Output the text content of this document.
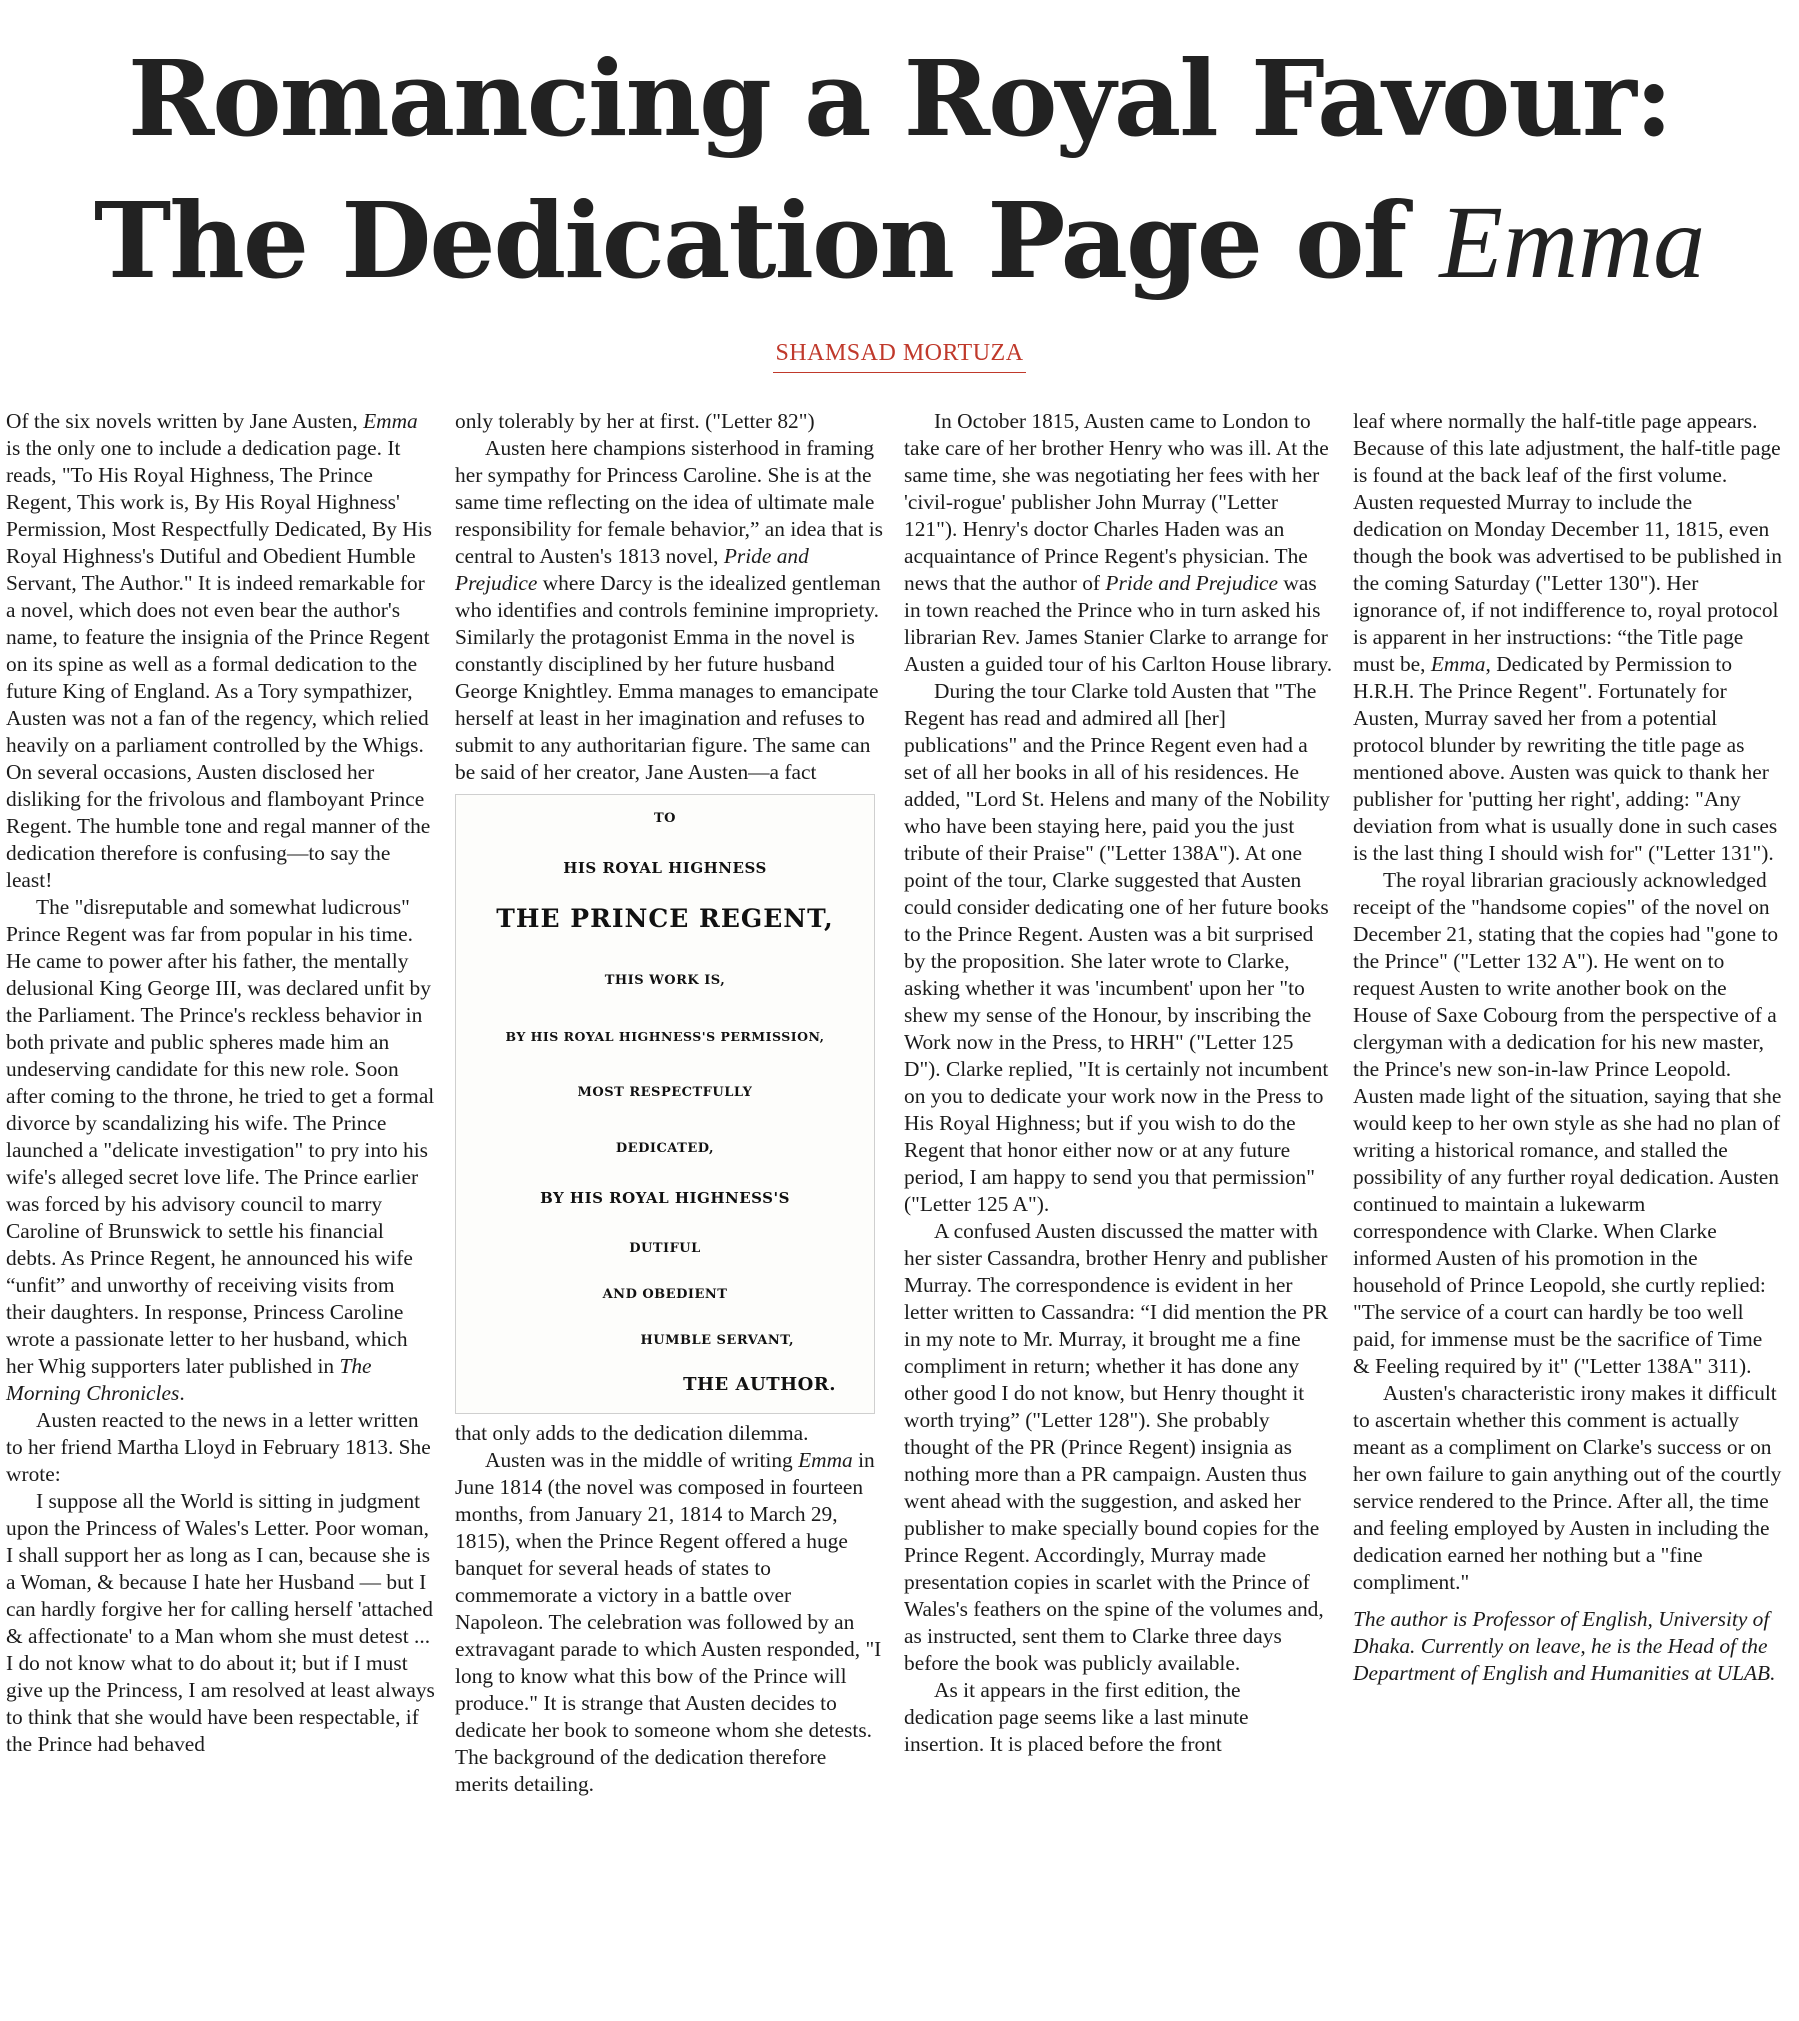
Romancing a Royal Favour:
The Dedication Page of Emma
SHAMSAD MORTUZA

Of the six novels written by Jane Austen, Emma is the only one to include a dedication page. It reads, "To His Royal Highness, The Prince Regent, This work is, By His Royal Highness' Permission, Most Respectfully Dedicated, By His Royal Highness's Dutiful and Obedient Humble Servant, The Author." It is indeed remarkable for a novel, which does not even bear the author's name, to feature the insignia of the Prince Regent on its spine as well as a formal dedication to the future King of England. As a Tory sympathizer, Austen was not a fan of the regency, which relied heavily on a parliament controlled by the Whigs. On several occasions, Austen disclosed her disliking for the frivolous and flamboyant Prince Regent. The humble tone and regal manner of the dedication therefore is confusing—to say the least!

The "disreputable and somewhat ludicrous" Prince Regent was far from popular in his time. He came to power after his father, the mentally delusional King George III, was declared unfit by the Parliament. The Prince's reckless behavior in both private and public spheres made him an undeserving candidate for this new role. Soon after coming to the throne, he tried to get a formal divorce by scandalizing his wife. The Prince launched a "delicate investigation" to pry into his wife's alleged secret love life. The Prince earlier was forced by his advisory council to marry Caroline of Brunswick to settle his financial debts. As Prince Regent, he announced his wife “unfit” and unworthy of receiving visits from their daughters. In response, Princess Caroline wrote a passionate letter to her husband, which her Whig supporters later published in The Morning Chronicles.

Austen reacted to the news in a letter written to her friend Martha Lloyd in February 1813. She wrote:

I suppose all the World is sitting in judgment upon the Princess of Wales's Letter. Poor woman, I shall support her as long as I can, because she is a Woman, & because I hate her Husband — but I can hardly forgive her for calling herself 'attached & affectionate' to a Man whom she must detest ... I do not know what to do about it; but if I must give up the Princess, I am resolved at least always to think that she would have been respectable, if the Prince had behaved

only tolerably by her at first. ("Letter 82")

Austen here champions sisterhood in framing her sympathy for Princess Caroline. She is at the same time reflecting on the idea of ultimate male responsibility for female behavior,” an idea that is central to Austen's 1813 novel, Pride and Prejudice where Darcy is the idealized gentleman who identifies and controls feminine impropriety. Similarly the protagonist Emma in the novel is constantly disciplined by her future husband George Knightley. Emma manages to emancipate herself at least in her imagination and refuses to submit to any authoritarian figure. The same can be said of her creator, Jane Austen—a fact

TO
HIS ROYAL HIGHNESS
THE PRINCE REGENT,
THIS WORK IS,
BY HIS ROYAL HIGHNESS'S PERMISSION,
MOST RESPECTFULLY
DEDICATED,
BY HIS ROYAL HIGHNESS'S
DUTIFUL
AND OBEDIENT
HUMBLE SERVANT,
THE AUTHOR.

that only adds to the dedication dilemma.

Austen was in the middle of writing Emma in June 1814 (the novel was composed in fourteen months, from January 21, 1814 to March 29, 1815), when the Prince Regent offered a huge banquet for several heads of states to commemorate a victory in a battle over Napoleon. The celebration was followed by an extravagant parade to which Austen responded, "I long to know what this bow of the Prince will produce." It is strange that Austen decides to dedicate her book to someone whom she detests. The background of the dedication therefore merits detailing.

In October 1815, Austen came to London to take care of her brother Henry who was ill. At the same time, she was negotiating her fees with her 'civil-rogue' publisher John Murray ("Letter 121"). Henry's doctor Charles Haden was an acquaintance of Prince Regent's physician. The news that the author of Pride and Prejudice was in town reached the Prince who in turn asked his librarian Rev. James Stanier Clarke to arrange for Austen a guided tour of his Carlton House library.

During the tour Clarke told Austen that "The Regent has read and admired all [her] publications" and the Prince Regent even had a set of all her books in all of his residences. He added, "Lord St. Helens and many of the Nobility who have been staying here, paid you the just tribute of their Praise" ("Letter 138A"). At one point of the tour, Clarke suggested that Austen could consider dedicating one of her future books to the Prince Regent. Austen was a bit surprised by the proposition. She later wrote to Clarke, asking whether it was 'incumbent' upon her "to shew my sense of the Honour, by inscribing the Work now in the Press, to HRH" ("Letter 125 D"). Clarke replied, "It is certainly not incumbent on you to dedicate your work now in the Press to His Royal Highness; but if you wish to do the Regent that honor either now or at any future period, I am happy to send you that permission" ("Letter 125 A").

A confused Austen discussed the matter with her sister Cassandra, brother Henry and publisher Murray. The correspondence is evident in her letter written to Cassandra: “I did mention the PR in my note to Mr. Murray, it brought me a fine compliment in return; whether it has done any other good I do not know, but Henry thought it worth trying” ("Letter 128"). She probably thought of the PR (Prince Regent) insignia as nothing more than a PR campaign. Austen thus went ahead with the suggestion, and asked her publisher to make specially bound copies for the Prince Regent. Accordingly, Murray made presentation copies in scarlet with the Prince of Wales's feathers on the spine of the volumes and, as instructed, sent them to Clarke three days before the book was publicly available.

As it appears in the first edition, the dedication page seems like a last minute insertion. It is placed before the front

leaf where normally the half-title page appears. Because of this late adjustment, the half-title page is found at the back leaf of the first volume. Austen requested Murray to include the dedication on Monday December 11, 1815, even though the book was advertised to be published in the coming Saturday ("Letter 130"). Her ignorance of, if not indifference to, royal protocol is apparent in her instructions: “the Title page must be, Emma, Dedicated by Permission to H.R.H. The Prince Regent". Fortunately for Austen, Murray saved her from a potential protocol blunder by rewriting the title page as mentioned above. Austen was quick to thank her publisher for 'putting her right', adding: "Any deviation from what is usually done in such cases is the last thing I should wish for" ("Letter 131").

The royal librarian graciously acknowledged receipt of the "handsome copies" of the novel on December 21, stating that the copies had "gone to the Prince" ("Letter 132 A"). He went on to request Austen to write another book on the House of Saxe Cobourg from the perspective of a clergyman with a dedication for his new master, the Prince's new son-in-law Prince Leopold. Austen made light of the situation, saying that she would keep to her own style as she had no plan of writing a historical romance, and stalled the possibility of any further royal dedication. Austen continued to maintain a lukewarm correspondence with Clarke. When Clarke informed Austen of his promotion in the household of Prince Leopold, she curtly replied: "The service of a court can hardly be too well paid, for immense must be the sacrifice of Time & Feeling required by it" ("Letter 138A" 311).

Austen's characteristic irony makes it difficult to ascertain whether this comment is actually meant as a compliment on Clarke's success or on her own failure to gain anything out of the courtly service rendered to the Prince. After all, the time and feeling employed by Austen in including the dedication earned her nothing but a "fine compliment."

The author is Professor of English, University of Dhaka. Currently on leave, he is the Head of the Department of English and Humanities at ULAB.
